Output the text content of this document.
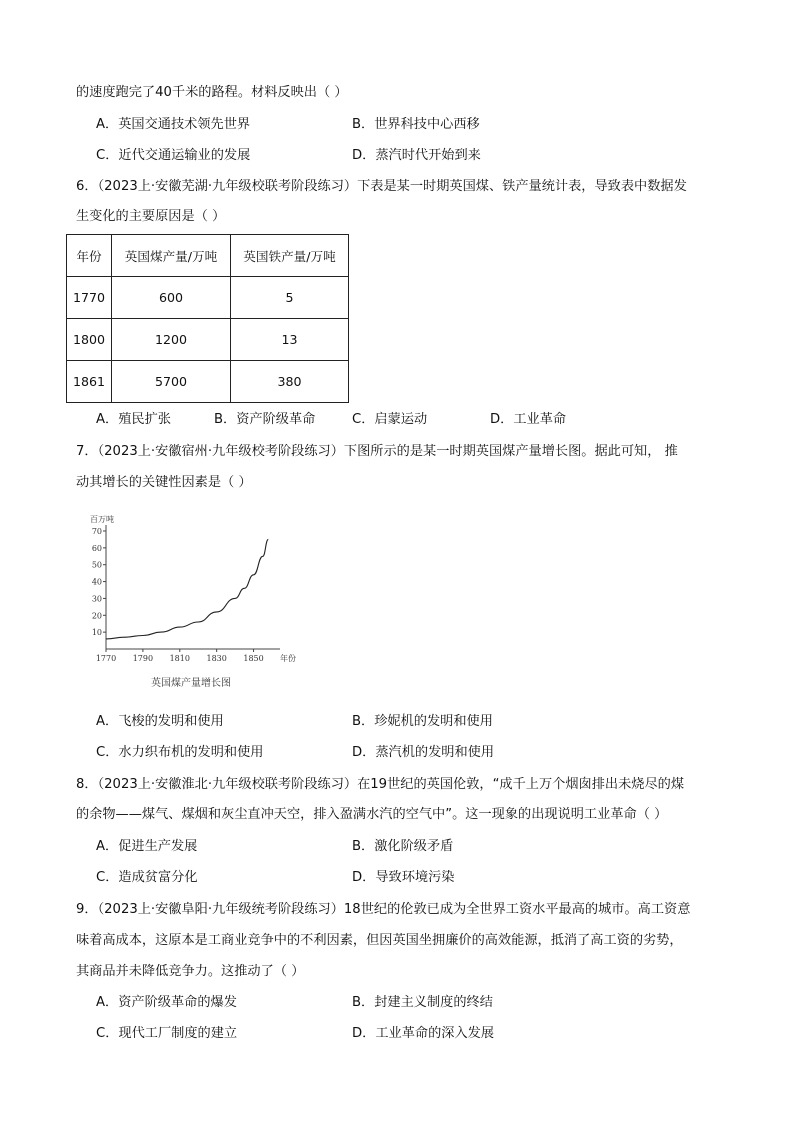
的速度跑完了40千米的路程。材料反映出（ ）
A．英国交通技术领先世界	B．世界科技中心西移
C．近代交通运输业的发展	D．蒸汽时代开始到来
6．（2023上·安徽芜湖·九年级校联考阶段练习）下表是某一时期英国煤、铁产量统计表，导致表中数据发
生变化的主要原因是（ ）
年份	英国煤产量/万吨	英国铁产量/万吨
1770	600	5
1800	1200	13
1861	5700	380
A．殖民扩张	B．资产阶级革命	C．启蒙运动	D．工业革命
7．（2023上·安徽宿州·九年级校考阶段练习）下图所示的是某一时期英国煤产量增长图。据此可知， 推
动其增长的关键性因素是（ ）
10
20
30
40
50
60
70
1770 1790 1810 1830 1850
百万吨
年份
英国煤产量增长图
A．飞梭的发明和使用	B．珍妮机的发明和使用
C．水力织布机的发明和使用	D．蒸汽机的发明和使用
8．（2023上·安徽淮北·九年级校联考阶段练习）在19世纪的英国伦敦，“成千上万个烟囱排出未烧尽的煤
的余物——煤气、煤烟和灰尘直冲天空，排入盈满水汽的空气中”。这一现象的出现说明工业革命（ ）
A．促进生产发展	B．激化阶级矛盾
C．造成贫富分化	D．导致环境污染
9．（2023上·安徽阜阳·九年级统考阶段练习）18世纪的伦敦已成为全世界工资水平最高的城市。高工资意
味着高成本，这原本是工商业竞争中的不利因素，但因英国坐拥廉价的高效能源，抵消了高工资的劣势，
其商品并未降低竞争力。这推动了（ ）
A．资产阶级革命的爆发	B．封建主义制度的终结
C．现代工厂制度的建立	D．工业革命的深入发展
